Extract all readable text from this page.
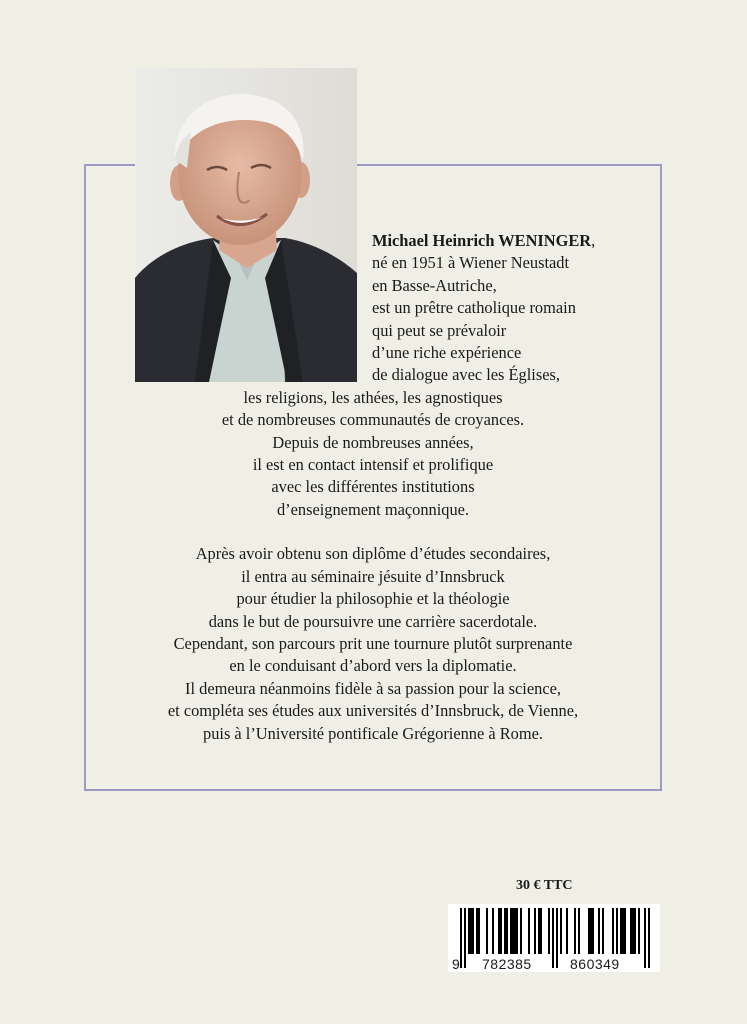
Michael Heinrich WENINGER,
né en 1951 à Wiener Neustadt
en Basse-Autriche,
est un prêtre catholique romain
qui peut se prévaloir
d’une riche expérience
de dialogue avec les Églises,
les religions, les athées, les agnostiques
et de nombreuses communautés de croyances.
Depuis de nombreuses années,
il est en contact intensif et prolifique
avec les différentes institutions
d’enseignement maçonnique.
Après avoir obtenu son diplôme d’études secondaires,
il entra au séminaire jésuite d’Innsbruck
pour étudier la philosophie et la théologie
dans le but de poursuivre une carrière sacerdotale.
Cependant, son parcours prit une tournure plutôt surprenante
en le conduisant d’abord vers la diplomatie.
Il demeura néanmoins fidèle à sa passion pour la science,
et compléta ses études aux universités d’Innsbruck, de Vienne,
puis à l’Université pontificale Grégorienne à Rome.
30 € TTC
9 782385	860349
